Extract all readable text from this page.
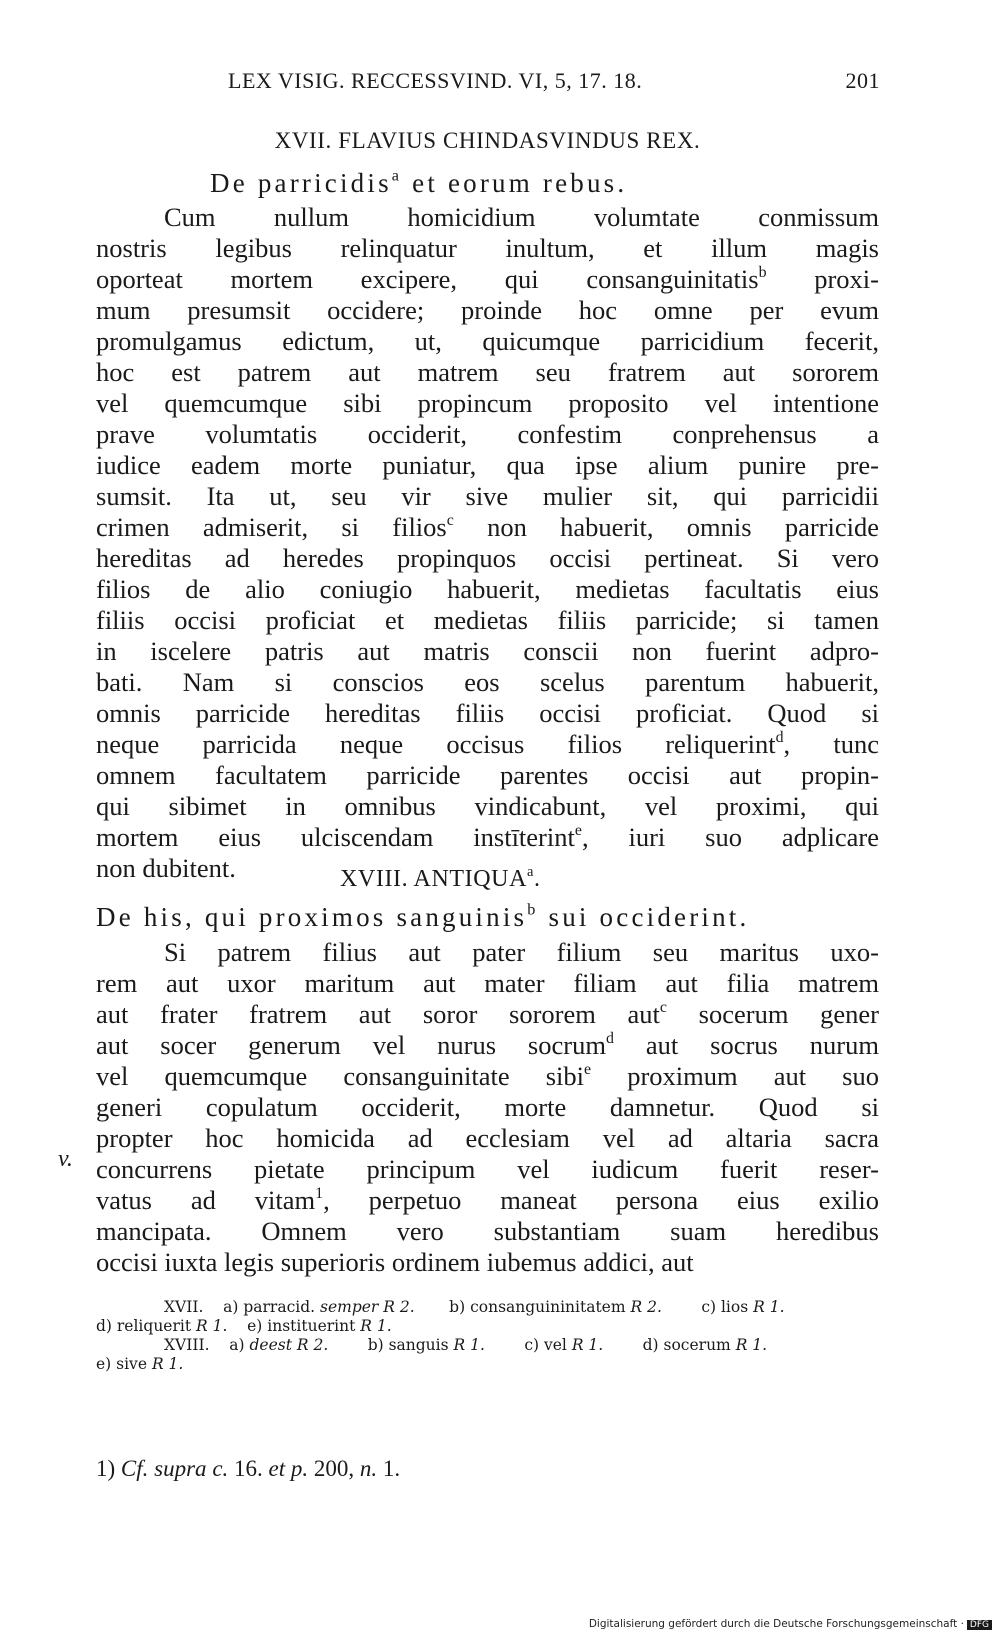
LEX VISIG. RECCESSVIND. VI, 5, 17. 18.	201
XVII. FLAVIUS CHINDASVINDUS REX.
De parricidis$^a$ et eorum rebus.
Cum nullum homicidium volumtate conmissum
nostris legibus relinquatur inultum, et illum magis
oporteat mortem excipere, qui consanguinitatis$^b$ proxi-
mum presumsit occidere; proinde hoc omne per evum
promulgamus edictum, ut, quicumque parricidium fecerit,
hoc est patrem aut matrem seu fratrem aut sororem
vel quemcumque sibi propincum proposito vel intentione
prave volumtatis occiderit, confestim conprehensus a
iudice eadem morte puniatur, qua ipse alium punire pre-
sumsit. Ita ut, seu vir sive mulier sit, qui parricidii
crimen admiserit, si filios$^c$ non habuerit, omnis parricide
hereditas ad heredes propinquos occisi pertineat. Si vero
filios de alio coniugio habuerit, medietas facultatis eius
filiis occisi proficiat et medietas filiis parricide; si tamen
in iscelere patris aut matris conscii non fuerint adpro-
bati. Nam si conscios eos scelus parentum habuerit,
omnis parricide hereditas filiis occisi proficiat. Quod si
neque parricida neque occisus filios reliquerint$^d$, tunc
omnem facultatem parricide parentes occisi aut propin-
qui sibimet in omnibus vindicabunt, vel proximi, qui
mortem eius ulciscendam instīterint$^e$, iuri suo adplicare
non dubitent.	XVIII. ANTIQUA$^a$.
De his, qui proximos sanguinis$^b$ sui occiderint.
Si patrem filius aut pater filium seu maritus uxo-
rem aut uxor maritum aut mater filiam aut filia matrem
aut frater fratrem aut soror sororem aut$^c$ socerum gener
aut socer generum vel nurus socrum$^d$ aut socrus nurum
vel quemcumque consanguinitate sibi$^e$ proximum aut suo
generi copulatum occiderit, morte damnetur. Quod si
propter hoc homicida ad ecclesiam vel ad altaria sacra
concurrens pietate principum vel iudicum fuerit reser-
vatus ad vitam$^1$, perpetuo maneat persona eius exilio
mancipata. Omnem vero substantiam suam heredibus
occisi iuxta legis superioris ordinem iubemus addici, aut
v.
XVII. a) parracid. semper R 2. b) consanguininitatem R 2.	c) lios R 1.
d) reliquerit R 1. e) instituerint R 1.
XVIII. a) deest R 2.	b) sanguis R 1.	c) vel R 1.	d) socerum R 1.
e) sive R 1.
1) Cf. supra c. 16. et p. 200, n. 1.
Digitalisierung gefördert durch die Deutsche Forschungsgemeinschaft · DFG
